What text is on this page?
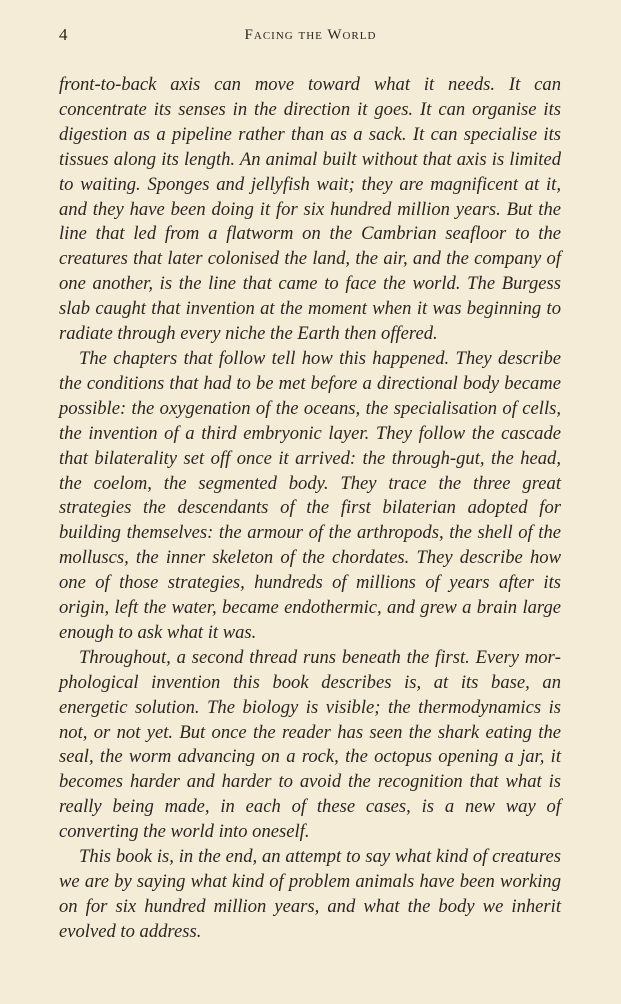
4	Facing the World

front-to-back axis can move toward what it needs. It can concentrate its senses in the direction it goes. It can organise its digestion as a pipeline rather than as a sack. It can specialise its tissues along its length. An animal built without that axis is limited to waiting. Sponges and jellyfish wait; they are magnificent at it, and they have been doing it for six hundred million years. But the line that led from a flatworm on the Cambrian seafloor to the creatures that later colonised the land, the air, and the company of one another, is the line that came to face the world. The Burgess slab caught that invention at the moment when it was beginning to radiate through every niche the Earth then offered.

The chapters that follow tell how this happened. They describe the conditions that had to be met before a directional body became possible: the oxygenation of the oceans, the specialisation of cells, the invention of a third embryonic layer. They follow the cascade that bilaterality set off once it arrived: the through-gut, the head, the coelom, the segmented body. They trace the three great strategies the descendants of the first bilaterian adopted for building themselves: the armour of the arthropods, the shell of the molluscs, the inner skeleton of the chordates. They describe how one of those strategies, hundreds of millions of years after its origin, left the water, became endothermic, and grew a brain large enough to ask what it was.

Throughout, a second thread runs beneath the first. Every morphological invention this book describes is, at its base, an energetic solution. The biology is visible; the thermodynamics is not, or not yet. But once the reader has seen the shark eating the seal, the worm advancing on a rock, the octopus opening a jar, it becomes harder and harder to avoid the recognition that what is really being made, in each of these cases, is a new way of converting the world into oneself.

This book is, in the end, an attempt to say what kind of creatures we are by saying what kind of problem animals have been working on for six hundred million years, and what the body we inherit evolved to address.
